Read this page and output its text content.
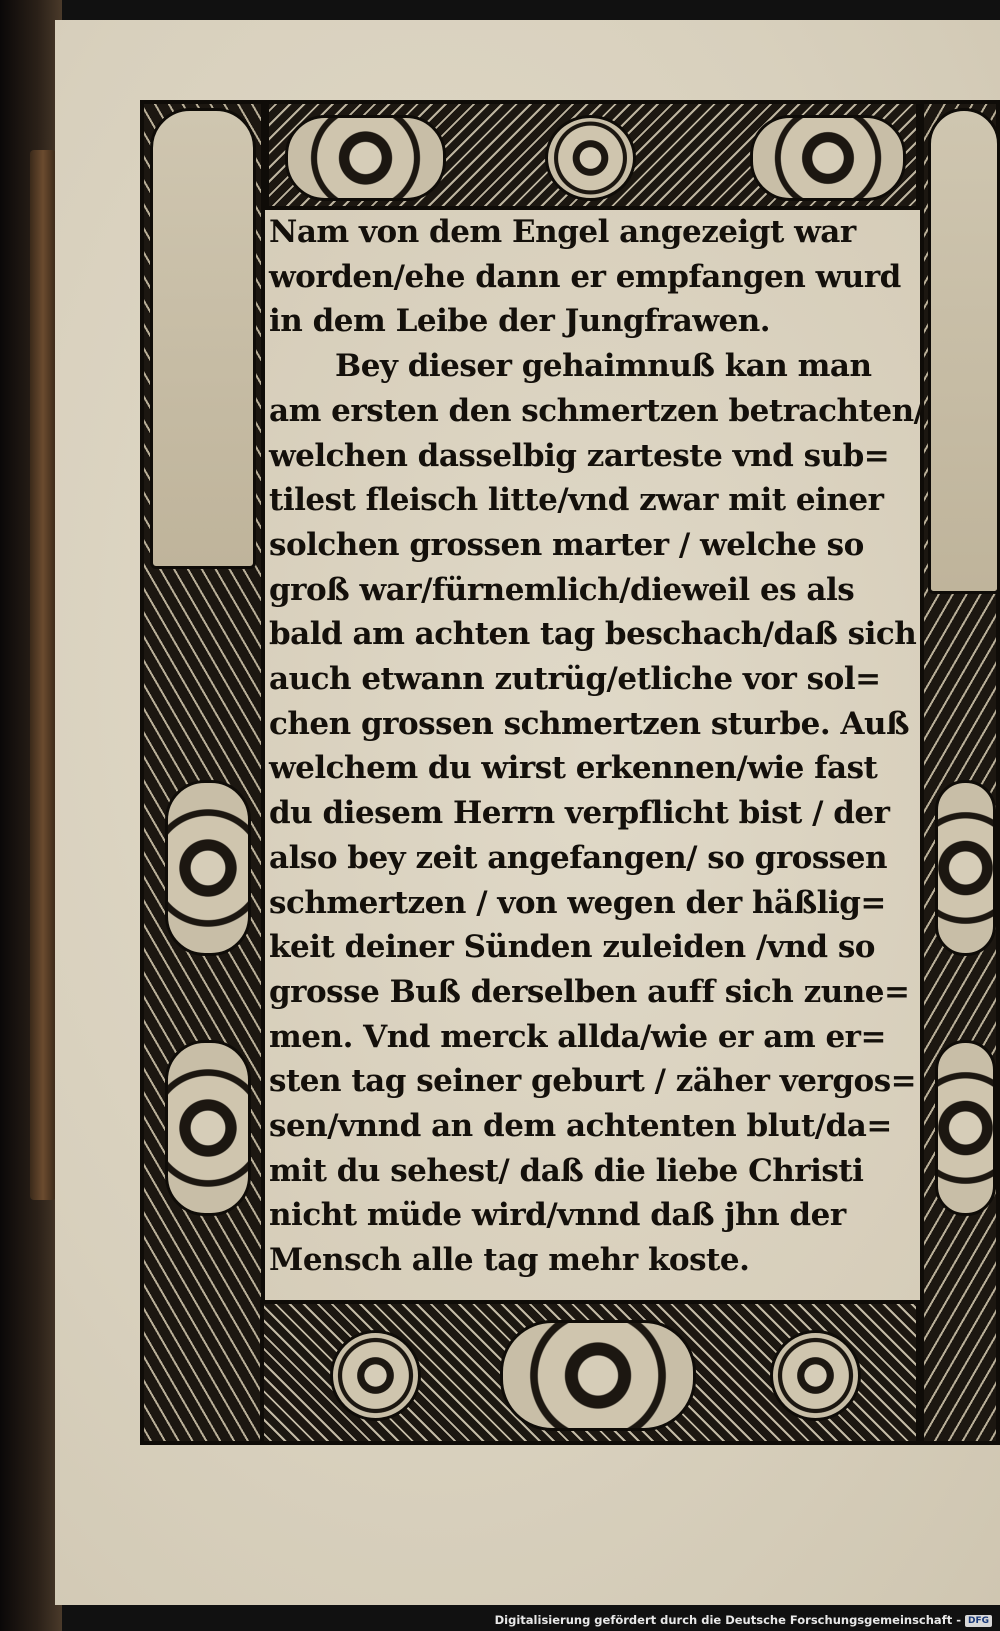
Nam von dem Engel angezeigt war

worden/ehe dann er empfangen wurd

in dem Leibe der Jungfrawen.

Bey dieser gehaimnuß kan man

am ersten den schmertzen betrachten/

welchen dasselbig zarteste vnd sub=

tilest fleisch litte/vnd zwar mit einer

solchen grossen marter / welche so

groß war/fürnemlich/dieweil es als

bald am achten tag beschach/daß sich

auch etwann zutrüg/etliche vor sol=

chen grossen schmertzen sturbe. Auß

welchem du wirst erkennen/wie fast

du diesem Herrn verpflicht bist / der

also bey zeit angefangen/ so grossen

schmertzen / von wegen der häßlig=

keit deiner Sünden zuleiden /vnd so

grosse Buß derselben auff sich zune=

men. Vnd merck allda/wie er am er=

sten tag seiner geburt / zäher vergos=

sen/vnnd an dem achtenten blut/da=

mit du sehest/ daß die liebe Christi

nicht müde wird/vnnd daß jhn der

Mensch alle tag mehr koste.

Digitalisierung gefördert durch die Deutsche Forschungsgemeinschaft - DFG
